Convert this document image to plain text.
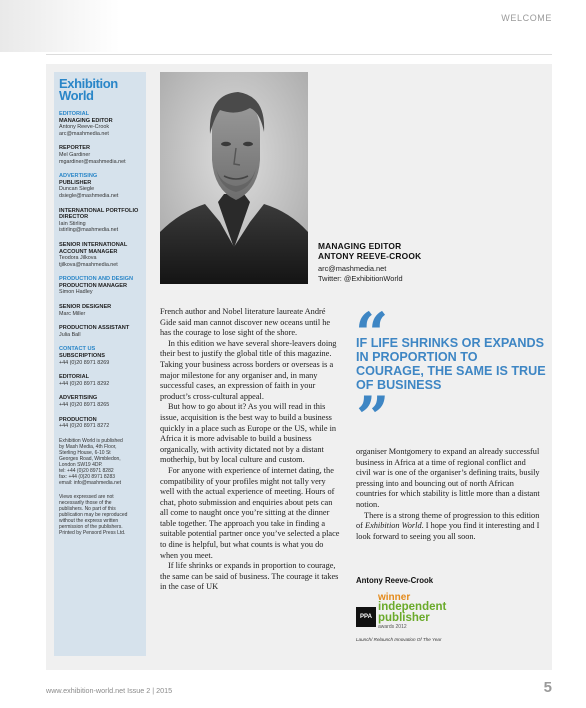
WELCOME
Exhibition
World
EDITORIAL
MANAGING EDITOR
Antony Reeve-Crook
arc@mashmedia.net
REPORTER
Mel Gardiner
mgardiner@mashmedia.net
ADVERTISING
PUBLISHER
Duncan Siegle
dsiegle@mashmedia.net
INTERNATIONAL PORTFOLIO DIRECTOR
Iain Stirling
istirling@mashmedia.net
SENIOR INTERNATIONAL ACCOUNT MANAGER
Teodora Jilkova
tjilkova@mashmedia.net
PRODUCTION AND DESIGN
PRODUCTION MANAGER
Simon Hadley
SENIOR DESIGNER
Marc Miller
PRODUCTION ASSISTANT
Julia Ball
CONTACT US
SUBSCRIPTIONS
+44 (0)20 8971 8269
EDITORIAL
+44 (0)20 8971 8292
ADVERTISING
+44 (0)20 8971 8265
PRODUCTION
+44 (0)20 8971 8272
Exhibition World is published
by Mash Media, 4th Floor,
Sterling House, 6-10 St
Georges Road, Wimbledon,
London SW19 4DP.
tel: +44 (0)20 8971 8282
fax: +44 (0)20 8971 8283
email: info@mashmedia.net
Views expressed are not
necessarily those of the
publishers. No part of this
publication may be reproduced
without the express written
permission of the publishers.
Printed by Pensord Press Ltd.
MANAGING EDITOR
ANTONY REEVE-CROOK
arc@mashmedia.net
Twitter: @ExhibitionWorld

French author and Nobel literature laureate André Gide said man cannot discover new oceans until he has the courage to lose sight of the shore.

In this edition we have several shore-leavers doing their best to justify the global title of this magazine. Taking your business across borders or overseas is a major milestone for any organiser and, in many successful cases, an expression of faith in your product’s cross-cultural appeal.

But how to go about it? As you will read in this issue, acquisition is the best way to build a business quickly in a place such as Europe or the US, while in Africa it is more advisable to build a business organically, with activity dictated not by a distant motherhip, but by local culture and custom.

For anyone with experience of internet dating, the compatibility of your profiles might not tally very well with the actual experience of meeting. Hours of chat, photo submission and enquiries about pets can all come to naught once you’re sitting at the dinner table together. The approach you take in finding a suitable potential partner once you’ve selected a place to dine is helpful, but what counts is what you do when you meet.

If life shrinks or expands in proportion to courage, the same can be said of business. The courage it takes in the case of UK

“
IF LIFE SHRINKS OR EXPANDS IN PROPORTION TO COURAGE, THE SAME IS TRUE OF BUSINESS
”

organiser Montgomery to expand an already successful business in Africa at a time of regional conflict and civil war is one of the organiser’s defining traits, busily pressing into and bouncing out of north African countries for which stability is little more than a distant notion.

There is a strong theme of progression to this edition of Exhibition World. I hope you find it interesting and I look forward to seeing you all soon.

Antony Reeve-Crook
PPA
winner
independent publisher
awards 2012
Launch/ Relaunch Innovation Of The Year
www.exhibition-world.net Issue 2 | 2015	5
